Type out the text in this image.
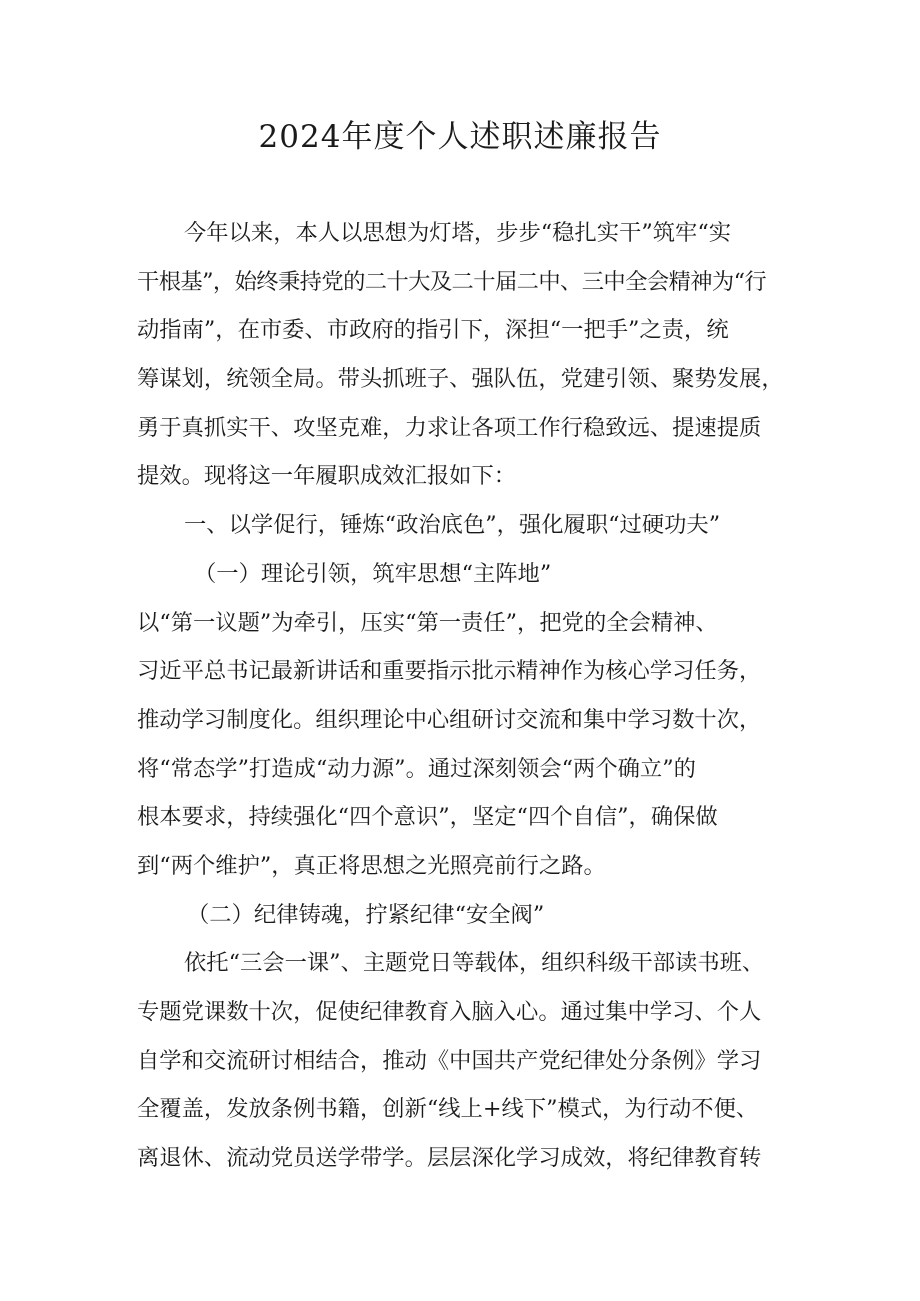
2024年度个人述职述廉报告
今年以来，本人以思想为灯塔，步步“稳扎实干”筑牢“实
干根基”，始终秉持党的二十大及二十届二中、三中全会精神为“行
动指南”，在市委、市政府的指引下，深担“一把手”之责，统
筹谋划，统领全局。带头抓班子、强队伍，党建引领、聚势发展，
勇于真抓实干、攻坚克难，力求让各项工作行稳致远、提速提质
提效。现将这一年履职成效汇报如下：
一、以学促行，锤炼“政治底色”，强化履职“过硬功夫”
（一）理论引领，筑牢思想“主阵地”
以“第一议题”为牵引，压实“第一责任”，把党的全会精神、
习近平总书记最新讲话和重要指示批示精神作为核心学习任务，
推动学习制度化。组织理论中心组研讨交流和集中学习数十次，
将“常态学”打造成“动力源”。通过深刻领会“两个确立”的
根本要求，持续强化“四个意识”，坚定“四个自信”，确保做
到“两个维护”，真正将思想之光照亮前行之路。
（二）纪律铸魂，拧紧纪律“安全阀”
依托“三会一课”、主题党日等载体，组织科级干部读书班、
专题党课数十次，促使纪律教育入脑入心。通过集中学习、个人
自学和交流研讨相结合，推动《中国共产党纪律处分条例》学习
全覆盖，发放条例书籍，创新“线上+线下”模式，为行动不便、
离退休、流动党员送学带学。层层深化学习成效，将纪律教育转
